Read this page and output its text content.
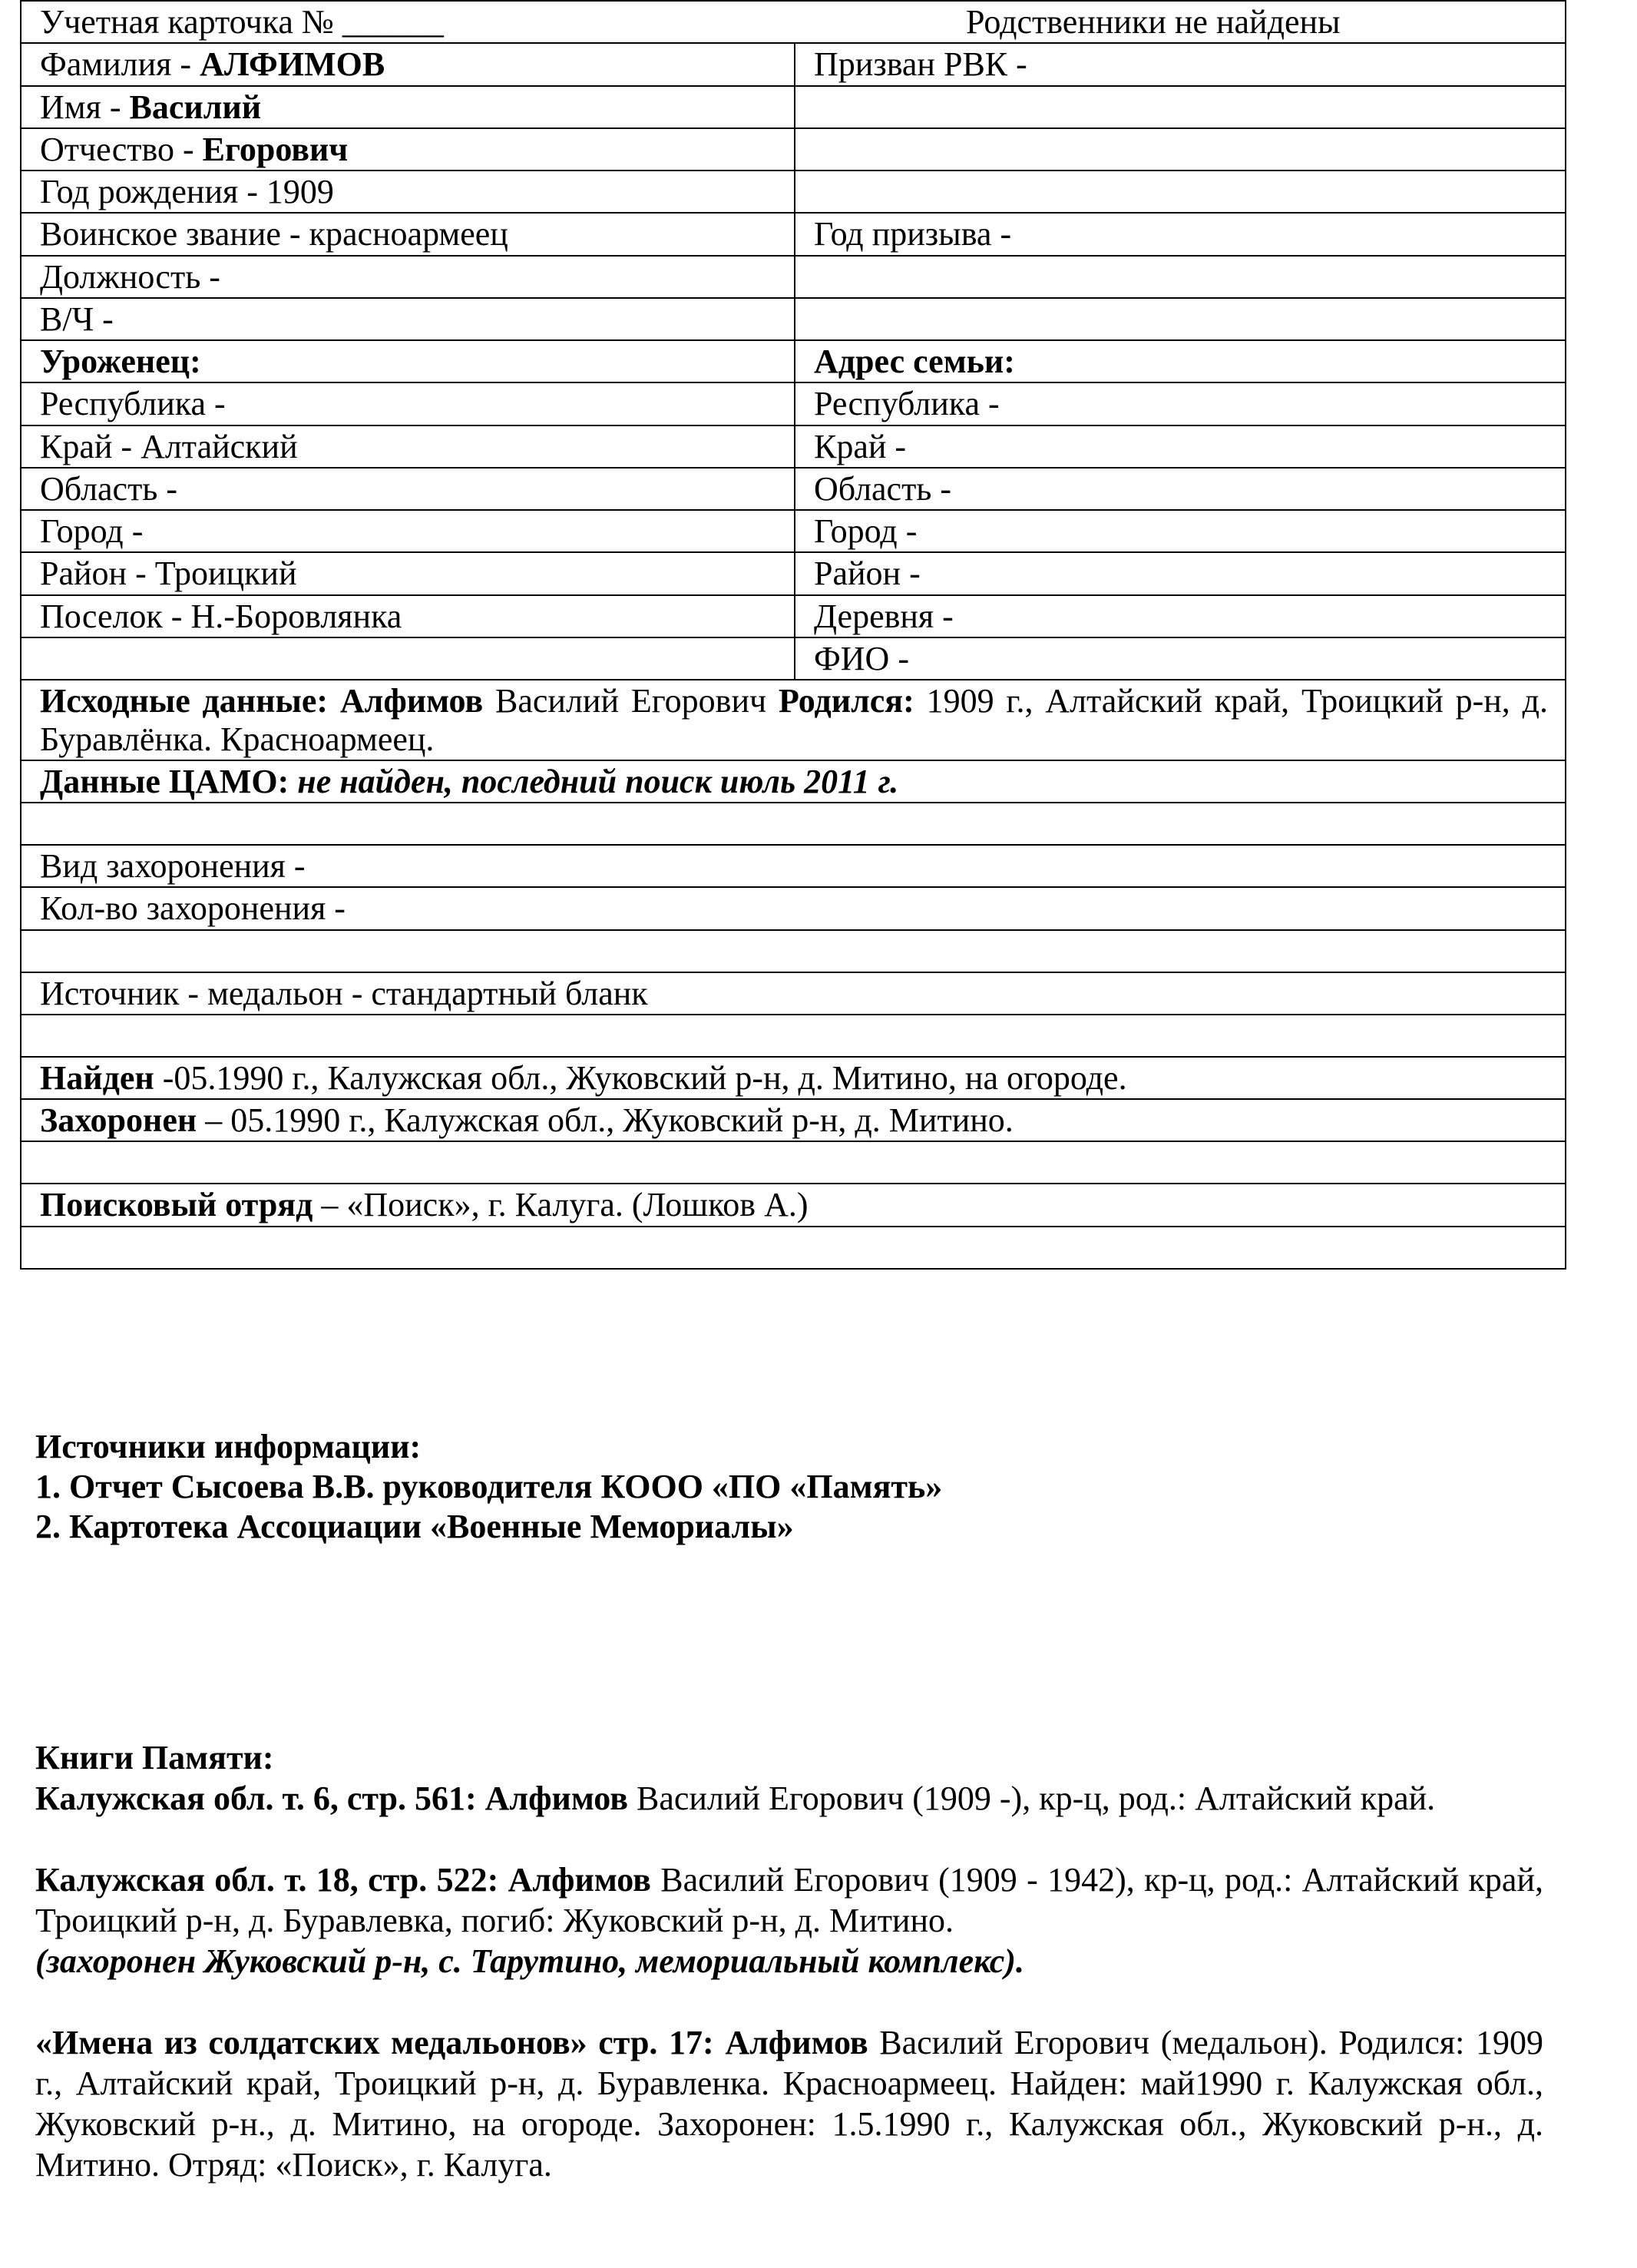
Учетная карточка № ______ Родственники не найдены	

Фамилия - АЛФИМОВ	Призван РВК -
Имя - Василий	
Отчество - Егорович	
Год рождения - 1909	
Воинское звание - красноармеец	Год призыва -
Должность -	
В/Ч -	
Уроженец:	Адрес семьи:
Республика -	Республика -
Край - Алтайский	Край -
Область -	Область -
Город -	Город -
Район - Троицкий	Район -
Поселок - Н.-Боровлянка	Деревня -
	ФИО -
Исходные данные: Алфимов Василий Егорович Родился: 1909 г., Алтайский край, Троицкий р-н, д. Буравлёнка. Красноармеец.	
Данные ЦАМО: не найден, последний поиск июль 2011 г.	

Вид захоронения -	
Кол-во захоронения -	

Источник - медальон - стандартный бланк	

Найден -05.1990 г., Калужская обл., Жуковский р-н, д. Митино, на огороде.	
Захоронен – 05.1990 г., Калужская обл., Жуковский р-н, д. Митино.	

Поисковый отряд – «Поиск», г. Калуга. (Лошков А.)	

Источники информации:
1. Отчет Сысоева В.В. руководителя КООО «ПО «Память»
2. Картотека Ассоциации «Военные Мемориалы»
Книги Памяти:

Калужская обл. т. 6, стр. 561: Алфимов Василий Егорович (1909 -), кр-ц, род.: Алтайский край.

Калужская обл. т. 18, стр. 522: Алфимов Василий Егорович (1909 - 1942), кр-ц, род.: Алтайский край, Троицкий р-н, д. Буравлевка, погиб: Жуковский р-н, д. Митино.
(захоронен Жуковский р-н, с. Тарутино, мемориальный комплекс).

«Имена из солдатских медальонов» стр. 17: Алфимов Василий Егорович (медальон). Родился: 1909 г., Алтайский край, Троицкий р-н, д. Буравленка. Красноармеец. Найден: май1990 г. Калужская обл., Жуковский р-н., д. Митино, на огороде. Захоронен: 1.5.1990 г., Калужская обл., Жуковский р-н., д. Митино. Отряд: «Поиск», г. Калуга.
